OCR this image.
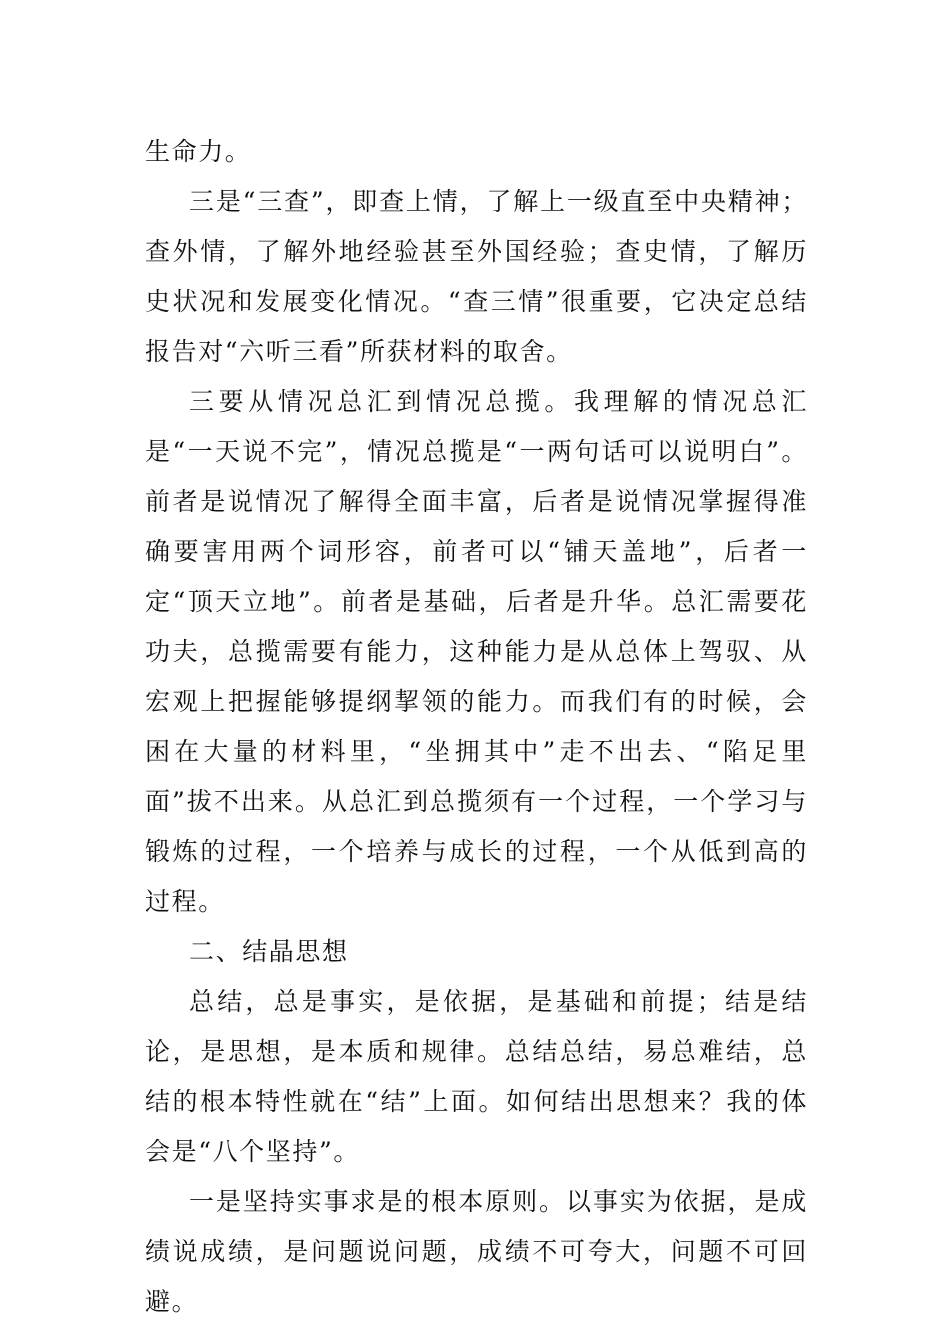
生命力。

三是“三查”，即查上情，了解上一级直至中央精神；查外情，了解外地经验甚至外国经验；查史情，了解历史状况和发展变化情况。“查三情”很重要，它决定总结报告对“六听三看”所获材料的取舍。

三要从情况总汇到情况总揽。我理解的情况总汇是“一天说不完”，情况总揽是“一两句话可以说明白”。前者是说情况了解得全面丰富，后者是说情况掌握得准确要害用两个词形容，前者可以“铺天盖地”，后者一定“顶天立地”。前者是基础，后者是升华。总汇需要花功夫，总揽需要有能力，这种能力是从总体上驾驭、从宏观上把握能够提纲挈领的能力。而我们有的时候，会困在大量的材料里，“坐拥其中”走不出去、“陷足里面”拔不出来。从总汇到总揽须有一个过程，一个学习与锻炼的过程，一个培养与成长的过程，一个从低到高的过程。

二、结晶思想

总结，总是事实，是依据，是基础和前提；结是结论，是思想，是本质和规律。总结总结，易总难结，总结的根本特性就在“结”上面。如何结出思想来？我的体会是“八个坚持”。

一是坚持实事求是的根本原则。以事实为依据，是成绩说成绩，是问题说问题，成绩不可夸大，问题不可回避。
